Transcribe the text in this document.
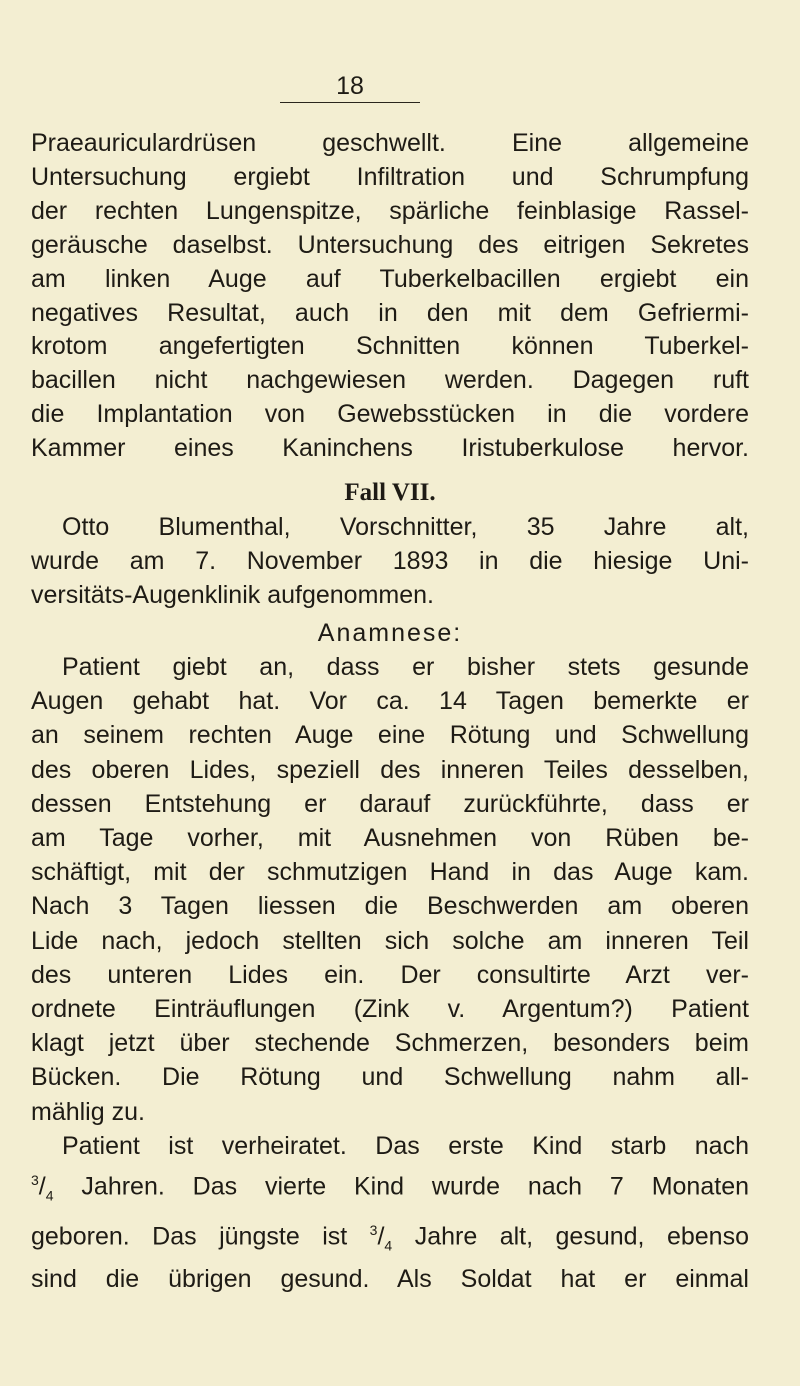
18
Praeauriculardrüsen geschwellt. Eine allgemeine
Untersuchung ergiebt Infiltration und Schrumpfung
der rechten Lungenspitze, spärliche feinblasige Rassel-
geräusche daselbst. Untersuchung des eitrigen Sekretes
am linken Auge auf Tuberkelbacillen ergiebt ein
negatives Resultat, auch in den mit dem Gefriermi-
krotom angefertigten Schnitten können Tuberkel-
bacillen nicht nachgewiesen werden. Dagegen ruft
die Implantation von Gewebsstücken in die vordere
Kammer eines Kaninchens Iristuberkulose hervor.
Fall VII.
Otto Blumenthal, Vorschnitter, 35 Jahre alt,
wurde am 7. November 1893 in die hiesige Uni-
versitäts-Augenklinik aufgenommen.
Anamnese:
Patient giebt an, dass er bisher stets gesunde
Augen gehabt hat. Vor ca. 14 Tagen bemerkte er
an seinem rechten Auge eine Rötung und Schwellung
des oberen Lides, speziell des inneren Teiles desselben,
dessen Entstehung er darauf zurückführte, dass er
am Tage vorher, mit Ausnehmen von Rüben be-
schäftigt, mit der schmutzigen Hand in das Auge kam.
Nach 3 Tagen liessen die Beschwerden am oberen
Lide nach, jedoch stellten sich solche am inneren Teil
des unteren Lides ein. Der consultirte Arzt ver-
ordnete Einträuflungen (Zink v. Argentum?) Patient
klagt jetzt über stechende Schmerzen, besonders beim
Bücken. Die Rötung und Schwellung nahm all-
mählig zu.
Patient ist verheiratet. Das erste Kind starb nach
$^3/_4$ Jahren. Das vierte Kind wurde nach 7 Monaten
geboren. Das jüngste ist $^3/_4$ Jahre alt, gesund, ebenso
sind die übrigen gesund. Als Soldat hat er einmal
